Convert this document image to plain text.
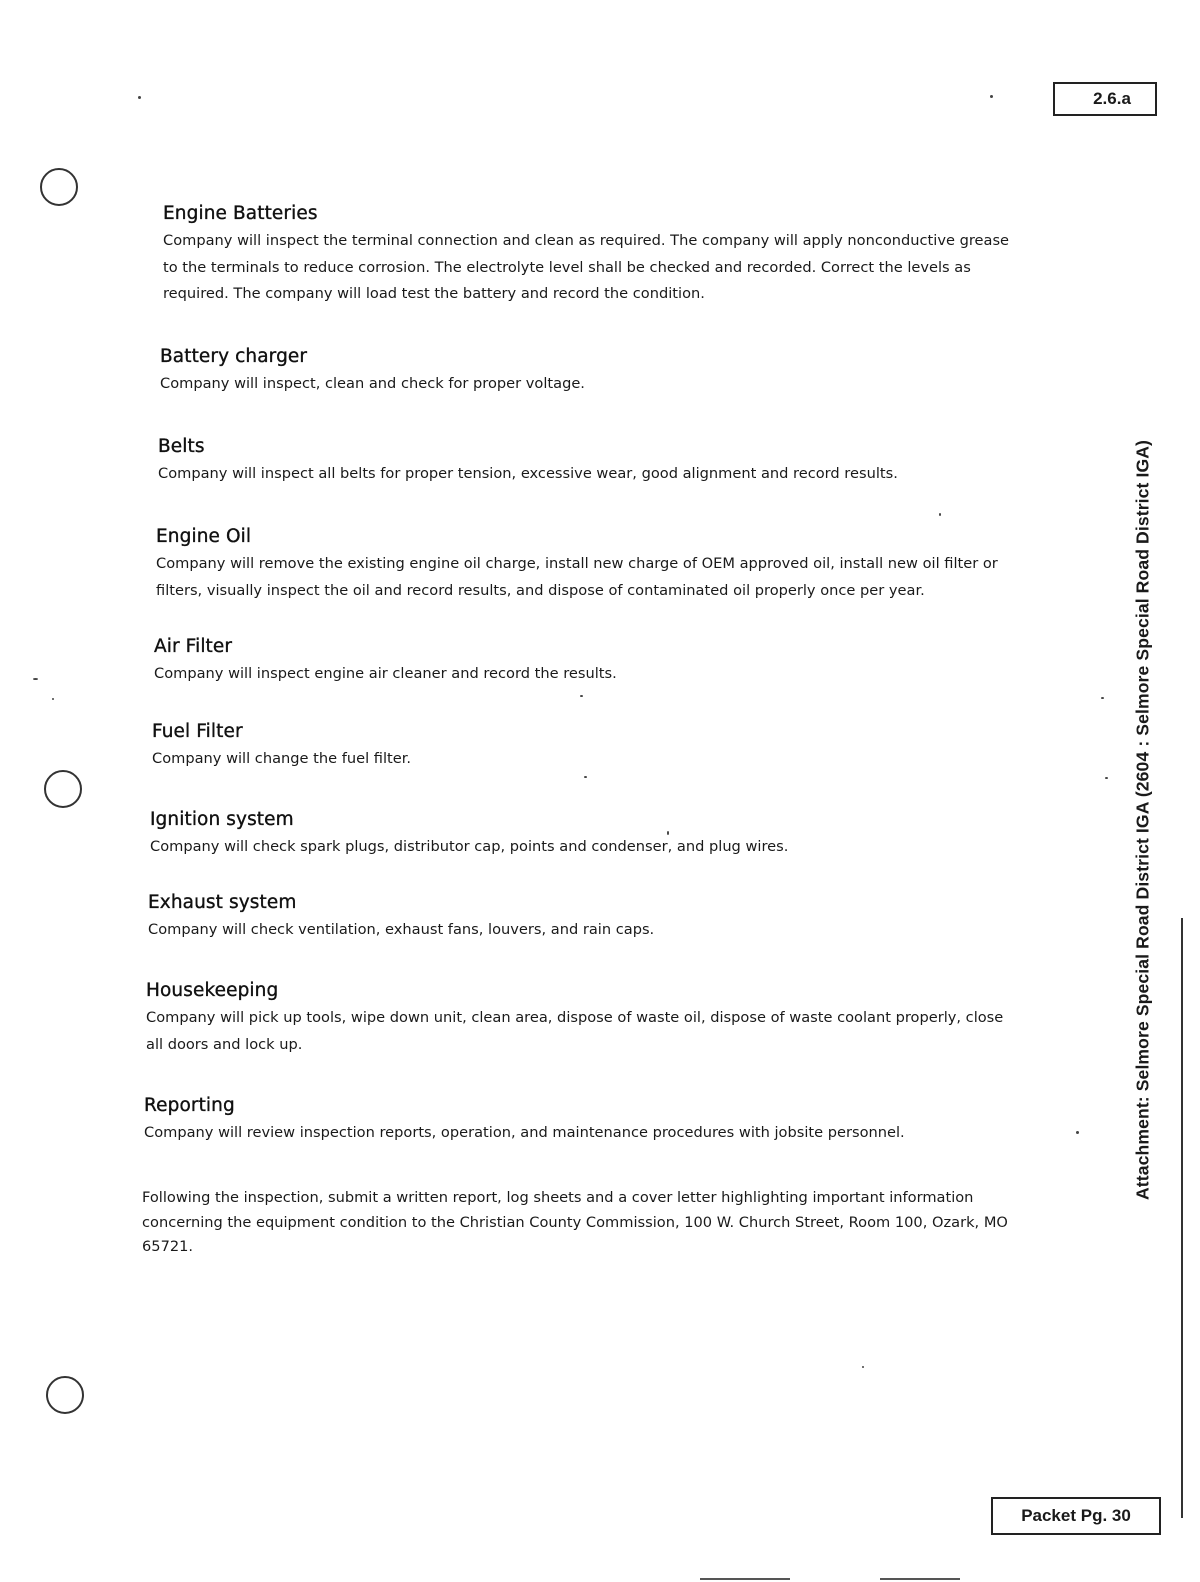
2.6.a
Attachment: Selmore Special Road District IGA (2604 : Selmore Special Road District IGA)
Engine Batteries

Company will inspect the terminal connection and clean as required. The company will apply nonconductive grease to the terminals to reduce corrosion. The electrolyte level shall be checked and recorded. Correct the levels as required. The company will load test the battery and record the condition.

Battery charger

Company will inspect, clean and check for proper voltage.

Belts

Company will inspect all belts for proper tension, excessive wear, good alignment and record results.

Engine Oil

Company will remove the existing engine oil charge, install new charge of OEM approved oil, install new oil filter or filters, visually inspect the oil and record results, and dispose of contaminated oil properly once per year.

Air Filter

Company will inspect engine air cleaner and record the results.

Fuel Filter

Company will change the fuel filter.

Ignition system

Company will check spark plugs, distributor cap, points and condenser, and plug wires.

Exhaust system

Company will check ventilation, exhaust fans, louvers, and rain caps.

Housekeeping

Company will pick up tools, wipe down unit, clean area, dispose of waste oil, dispose of waste coolant properly, close all doors and lock up.

Reporting

Company will review inspection reports, operation, and maintenance procedures with jobsite personnel.

Following the inspection, submit a written report, log sheets and a cover letter highlighting important information concerning the equipment condition to the Christian County Commission, 100 W. Church Street, Room 100, Ozark, MO 65721.

Packet Pg. 30
